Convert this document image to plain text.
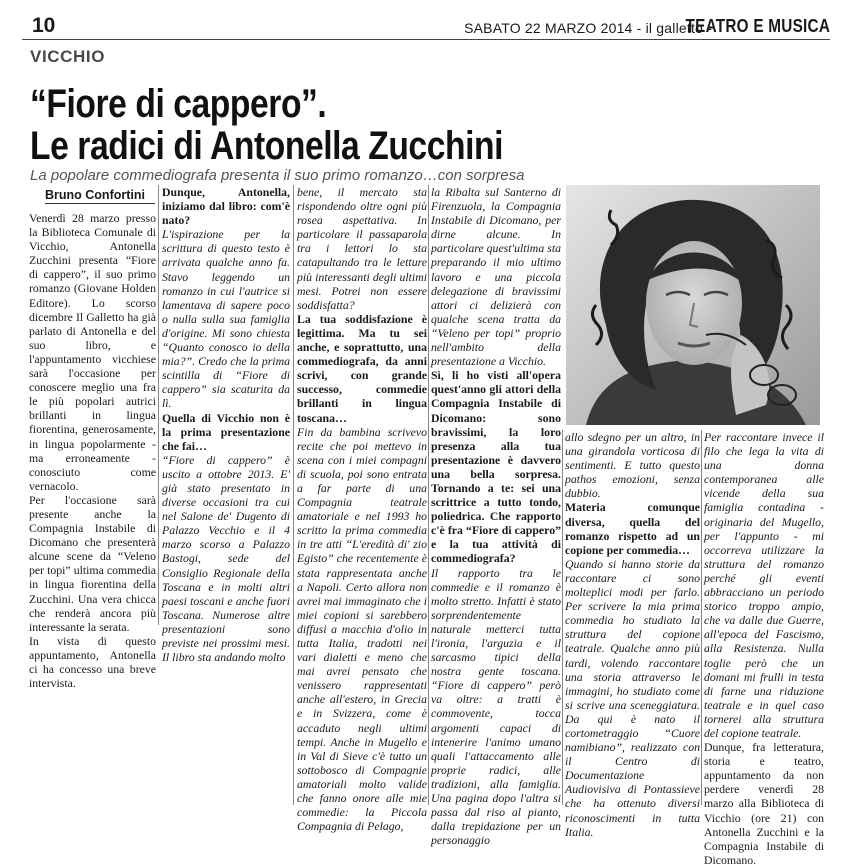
10	SABATO 22 MARZO 2014 - il galletto -
TEATRO E MUSICA
VICCHIO
“Fiore di cappero”.
Le radici di Antonella Zucchini
La popolare commediografa presenta il suo primo romanzo…con sorpresa
Bruno Confortini

Venerdì 28 marzo presso la Biblioteca Comunale di Vicchio, Antonella Zucchini presenta “Fiore di cappero”, il suo primo romanzo (Giovane Holden Editore). Lo scorso dicembre Il Galletto ha già parlato di Antonella e del suo libro, e l'appuntamento vicchiese sarà l'occasione per conoscere meglio una fra le più popolari autrici brillanti in lingua fiorentina, generosamente, in lingua popolarmente - ma erroneamente - conosciuto come vernacolo.

Per l'occasione sarà presente anche la Compagnia Instabile di Dicomano che presenterà alcune scene da “Veleno per topi” ultima commedia in lingua fiorentina della Zucchini. Una vera chicca che renderà ancora più interessante la serata.

In vista di questo appuntamento, Antonella ci ha concesso una breve intervista.

Dunque, Antonella, iniziamo dal libro: com'è nato?

L'ispirazione per la scrittura di questo testo è arrivata qualche anno fa. Stavo leggendo un romanzo in cui l'autrice si lamentava di sapere poco o nulla sulla sua famiglia d'origine. Mi sono chiesta “Quanto conosco io della mia?”. Credo che la prima scintilla di “Fiore di cappero” sia scaturita da lì.

Quella di Vicchio non è la prima presentazione che fai…

“Fiore di cappero” è uscito a ottobre 2013. E' già stato presentato in diverse occasioni tra cui nel Salone de' Dugento di Palazzo Vecchio e il 4 marzo scorso a Palazzo Bastogi, sede del Consiglio Regionale della Toscana e in molti altri paesi toscani e anche fuori Toscana. Numerose altre presentazioni sono previste nei prossimi mesi. Il libro sta andando molto

bene, il mercato sta rispondendo oltre ogni più rosea aspettativa. In particolare il passaparola tra i lettori lo sta catapultando tra le letture più interessanti degli ultimi mesi. Potrei non essere soddisfatta?

La tua soddisfazione è legittima. Ma tu sei anche, e soprattutto, una commediografa, da anni scrivi, con grande successo, commedie brillanti in lingua toscana…

Fin da bambina scrivevo recite che poi mettevo in scena con i miei compagni di scuola, poi sono entrata a far parte di una Compagnia teatrale amatoriale e nel 1993 ho scritto la prima commedia in tre atti “L'eredità di' zio Egisto” che recentemente è stata rappresentata anche a Napoli. Certo allora non avrei mai immaginato che i miei copioni si sarebbero diffusi a macchia d'olio in tutta Italia, tradotti nei vari dialetti e meno che mai avrei pensato che venissero rappresentati anche all'estero, in Grecia e in Svizzera, come è accaduto negli ultimi tempi. Anche in Mugello e in Val di Sieve c'è tutto un sottobosco di Compagnie amatoriali molto valide che fanno onore alle mie commedie: la Piccola Compagnia di Pelago,

la Ribalta sul Santerno di Firenzuola, la Compagnia Instabile di Dicomano, per dirne alcune. In particolare quest'ultima sta preparando il mio ultimo lavoro e una piccola delegazione di bravissimi attori ci delizierà con qualche scena tratta da “Veleno per topi” proprio nell'ambito della presentazione a Vicchio.

Sì, li ho visti all'opera quest'anno gli attori della Compagnia Instabile di Dicomano: sono bravissimi, la loro presenza alla tua presentazione è davvero una bella sorpresa. Tornando a te: sei una scrittrice a tutto tondo, poliedrica. Che rapporto c'è fra “Fiore di cappero” e la tua attività di commediografa?

Il rapporto tra le commedie e il romanzo è molto stretto. Infatti è stato sorprendentemente naturale metterci tutta l'ironia, l'arguzia e il sarcasmo tipici della nostra gente toscana. “Fiore di cappero” però va oltre: a tratti è commovente, tocca argomenti capaci di intenerire l'animo umano quali l'attaccamento alle proprie radici, alle tradizioni, alla famiglia. Una pagina dopo l'altra si passa dal riso al pianto, dalla trepidazione per un personaggio

allo sdegno per un altro, in una girandola vorticosa di sentimenti. E tutto questo pathos emozioni, senza dubbio.

Materia comunque diversa, quella del romanzo rispetto ad un copione per commedia…

Quando si hanno storie da raccontare ci sono molteplici modi per farlo. Per scrivere la mia prima commedia ho studiato la struttura del copione teatrale. Qualche anno più tardi, volendo raccontare una storia attraverso le immagini, ho studiato come si scrive una sceneggiatura. Da qui è nato il cortometraggio “Cuore namibiano”, realizzato con il Centro di Documentazione Audiovisiva di Pontassieve che ha ottenuto diversi riconoscimenti in tutta Italia.

Per raccontare invece il filo che lega la vita di una donna contemporanea alle vicende della sua famiglia contadina - originaria del Mugello, per l'appunto - mi occorreva utilizzare la struttura del romanzo perché gli eventi abbracciano un periodo storico troppo ampio, che va dalle due Guerre, all'epoca del Fascismo, alla Resistenza. Nulla toglie però che un domani mi frulli in testa di farne una riduzione teatrale e in quel caso tornerei alla struttura del copione teatrale.

Dunque, fra letteratura, storia e teatro, appuntamento da non perdere venerdì 28 marzo alla Biblioteca di Vicchio (ore 21) con Antonella Zucchini e la Compagnia Instabile di Dicomano.
